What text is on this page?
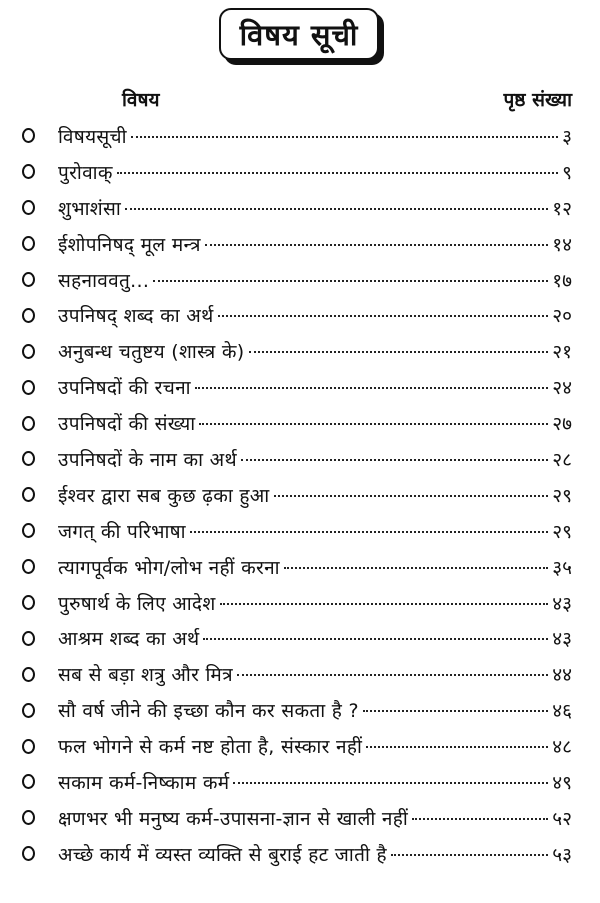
विषय सूची
विषय	पृष्ठ संख्या
विषयसूची	३
पुरोवाक्	९
शुभाशंसा	१२
ईशोपनिषद् मूल मन्त्र	१४
सहनाववतु...	१७
उपनिषद् शब्द का अर्थ	२०
अनुबन्ध चतुष्टय (शास्त्र के)	२१
उपनिषदों की रचना	२४
उपनिषदों की संख्या	२७
उपनिषदों के नाम का अर्थ	२८
ईश्वर द्वारा सब कुछ ढ़का हुआ	२९
जगत् की परिभाषा	२९
त्यागपूर्वक भोग/लोभ नहीं करना	३५
पुरुषार्थ के लिए आदेश	४३
आश्रम शब्द का अर्थ	४३
सब से बड़ा शत्रु और मित्र	४४
सौ वर्ष जीने की इच्छा कौन कर सकता है ?	४६
फल भोगने से कर्म नष्ट होता है, संस्कार नहीं	४८
सकाम कर्म-निष्काम कर्म	४९
क्षणभर भी मनुष्य कर्म-उपासना-ज्ञान से खाली नहीं	५२
अच्छे कार्य में व्यस्त व्यक्ति से बुराई हट जाती है	५३
